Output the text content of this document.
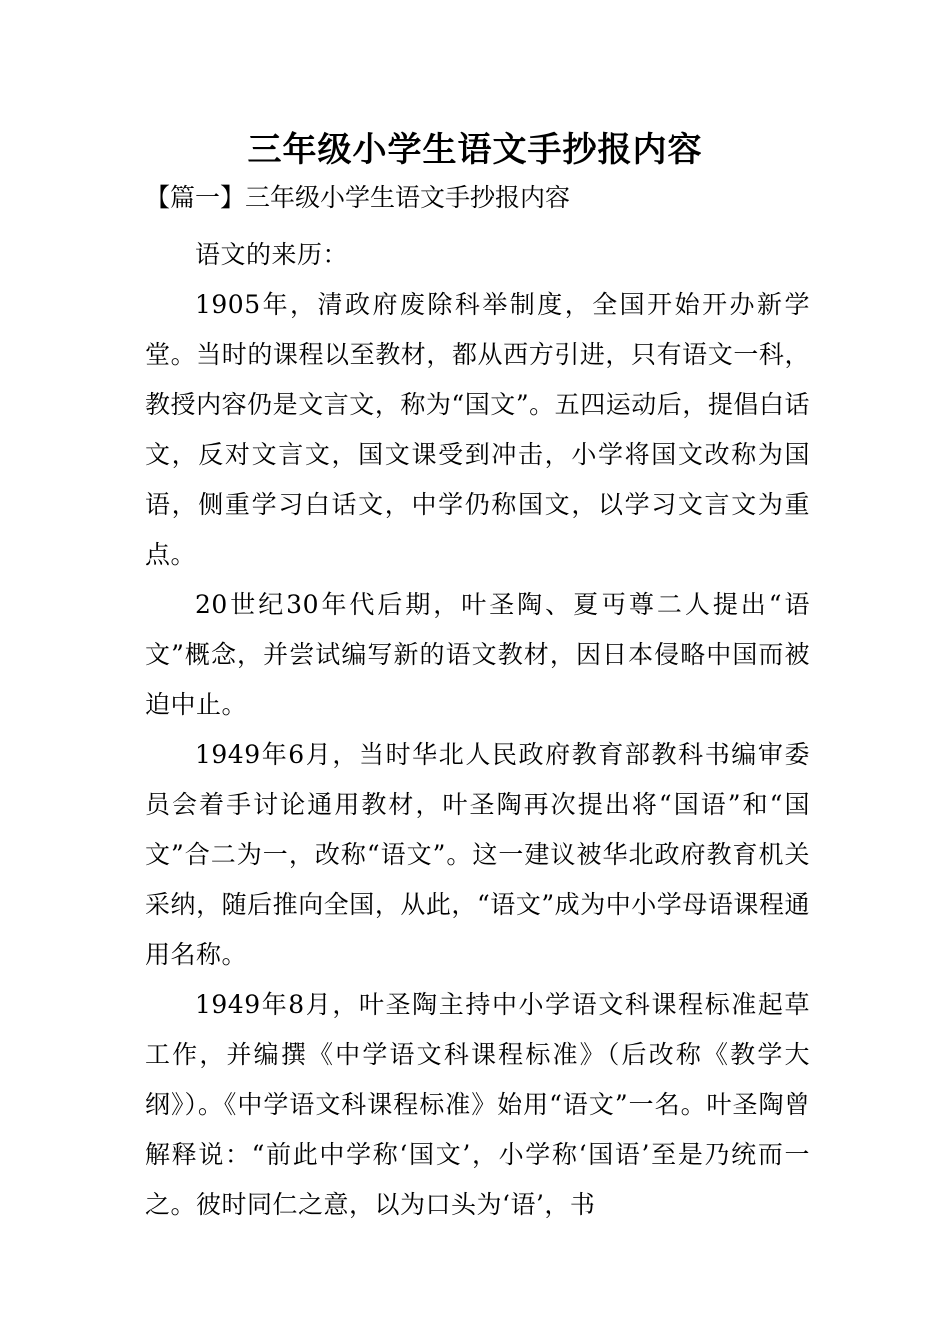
三年级小学生语文手抄报内容
【篇一】三年级小学生语文手抄报内容

语文的来历：

1905年，清政府废除科举制度，全国开始开办新学堂。当时的课程以至教材，都从西方引进，只有语文一科，教授内容仍是文言文，称为“国文”。五四运动后，提倡白话文，反对文言文，国文课受到冲击，小学将国文改称为国语，侧重学习白话文，中学仍称国文，以学习文言文为重点。

20世纪30年代后期，叶圣陶、夏丏尊二人提出“语文”概念，并尝试编写新的语文教材，因日本侵略中国而被迫中止。

1949年6月，当时华北人民政府教育部教科书编审委员会着手讨论通用教材，叶圣陶再次提出将“国语”和“国文”合二为一，改称“语文”。这一建议被华北政府教育机关采纳，随后推向全国，从此，“语文”成为中小学母语课程通用名称。

1949年8月，叶圣陶主持中小学语文科课程标准起草工作，并编撰《中学语文科课程标准》（后改称《教学大纲》）。《中学语文科课程标准》始用“语文”一名。叶圣陶曾解释说：“前此中学称‘国文’，小学称‘国语’至是乃统而一之。彼时同仁之意，以为口头为‘语’，书
